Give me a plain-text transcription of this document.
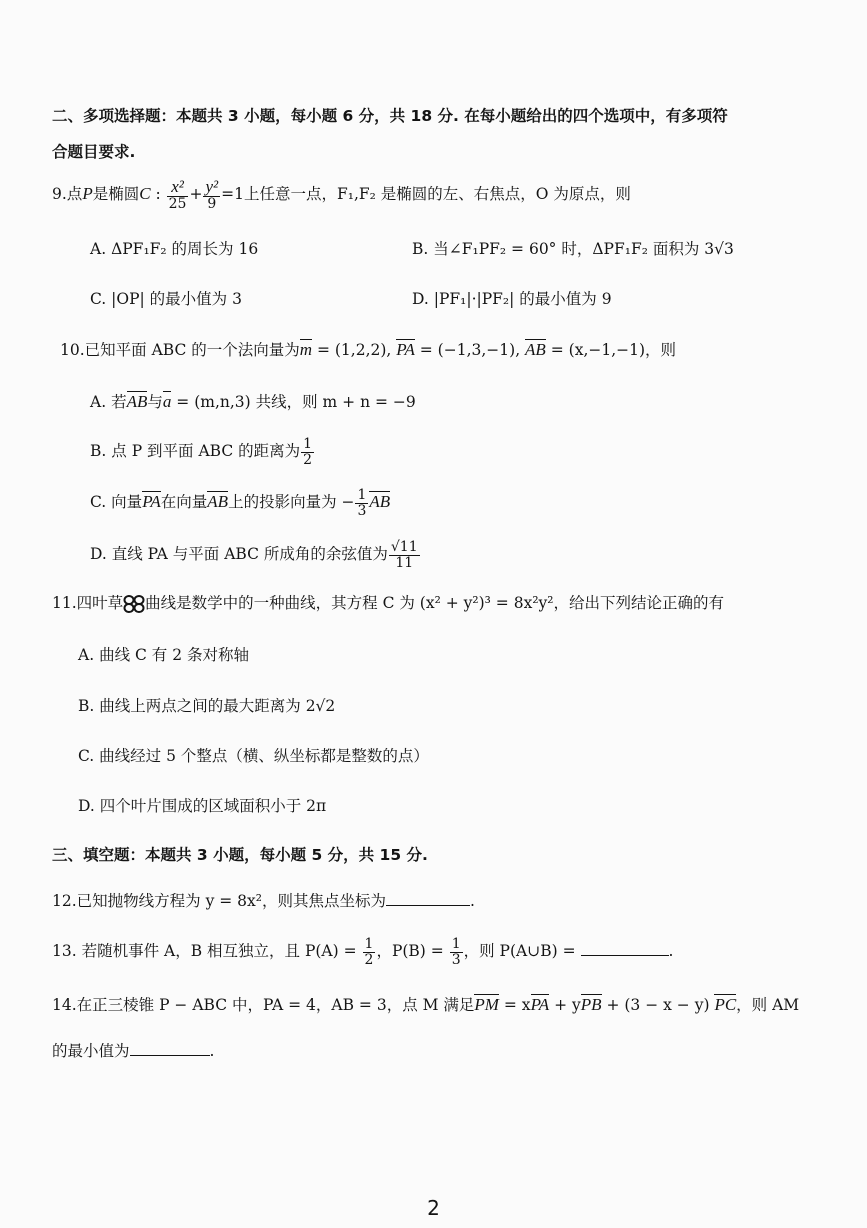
二、多项选择题：本题共 3 小题，每小题 6 分，共 18 分. 在每小题给出的四个选项中，有多项符
合题目要求.
9.点P是椭圆C : $\frac{\text{x²}}{25} + \frac{\text{y²}}{9} =1$上任意一点，F₁,F₂ 是椭圆的左、右焦点，O 为原点，则
A. ΔPF₁F₂ 的周长为 16	B. 当∠F₁PF₂ = 60° 时，ΔPF₁F₂ 面积为 3√3
C. |OP| 的最小值为 3	D. |PF₁|·|PF₂| 的最小值为 9
10.已知平面 ABC 的一个法向量为m = (1,2,2), PA = (−1,3,−1), AB = (x,−1,−1)，则
A. 若AB与a = (m,n,3) 共线，则 m + n = −9
B. 点 P 到平面 ABC 的距离为 $\frac{1}{2}$
C. 向量PA在向量AB上的投影向量为 − $\frac{1}{3}$ AB
D. 直线 PA 与平面 ABC 所成角的余弦值为 $\frac{√11}{11}$
11.四叶草 曲线是数学中的一种曲线，其方程 C 为 (x² + y²)³ = 8x²y²，给出下列结论正确的有
A. 曲线 C 有 2 条对称轴
B. 曲线上两点之间的最大距离为 2√2
C. 曲线经过 5 个整点（横、纵坐标都是整数的点）
D. 四个叶片围成的区域面积小于 2π
三、填空题：本题共 3 小题，每小题 5 分，共 15 分.
12.已知抛物线方程为 y = 8x²，则其焦点坐标为	.
13. 若随机事件 A，B 相互独立，且 $P(A) = \frac{1}{2}$ ，$P(B) = \frac{1}{3}$ ，则 P(A∪B) =	.
14.在正三棱锥 P − ABC 中，PA = 4，AB = 3，点 M 满足PM = xPA + yPB + (3 − x − y) PC，则 AM
的最小值为	.
2
